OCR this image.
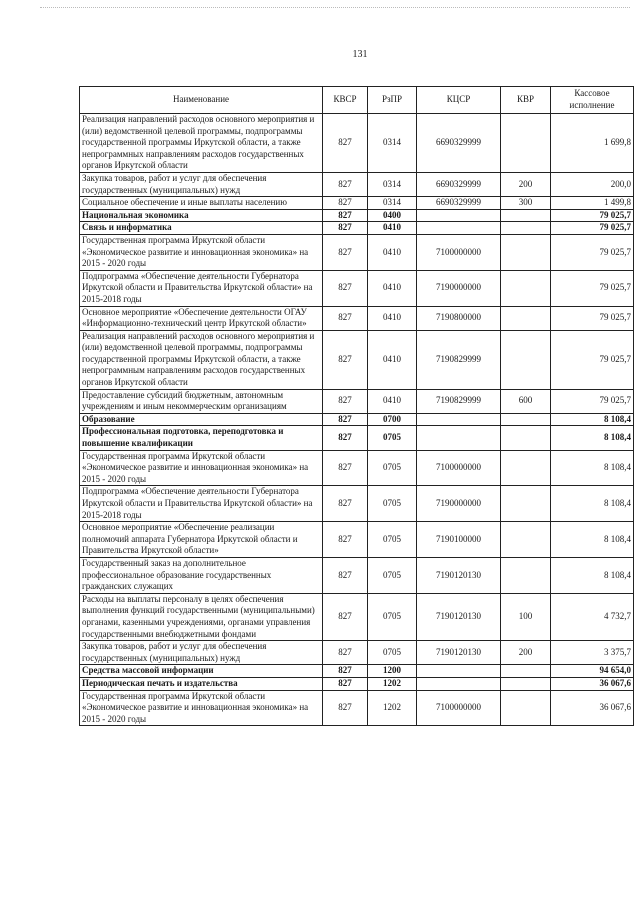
131
Наименование	КВСР	РзПР	КЦСР	КВР	Кассовое исполнение
Реализация направлений расходов основного мероприятия и (или) ведомственной целевой программы, подпрограммы государственной программы Иркутской области, а также непрограммных направлениям расходов государственных органов Иркутской области	827	0314	6690329999		1 699,8
Закупка товаров, работ и услуг для обеспечения государственных (муниципальных) нужд	827	0314	6690329999	200	200,0
Социальное обеспечение и иные выплаты населению	827	0314	6690329999	300	1 499,8
Национальная экономика	827	0400			79 025,7
Связь и информатика	827	0410			79 025,7
Государственная программа Иркутской области «Экономическое развитие и инновационная экономика» на 2015 - 2020 годы	827	0410	7100000000		79 025,7
Подпрограмма «Обеспечение деятельности Губернатора Иркутской области и Правительства Иркутской области» на 2015-2018 годы	827	0410	7190000000		79 025,7
Основное мероприятие «Обеспечение деятельности ОГАУ «Информационно-технический центр Иркутской области»	827	0410	7190800000		79 025,7
Реализация направлений расходов основного мероприятия и (или) ведомственной целевой программы, подпрограммы государственной программы Иркутской области, а также непрограммным направлениям расходов государственных органов Иркутской области	827	0410	7190829999		79 025,7
Предоставление субсидий бюджетным, автономным учреждениям и иным некоммерческим организациям	827	0410	7190829999	600	79 025,7
Образование	827	0700			8 108,4
Профессиональная подготовка, переподготовка и повышение квалификации	827	0705			8 108,4
Государственная программа Иркутской области «Экономическое развитие и инновационная экономика» на 2015 - 2020 годы	827	0705	7100000000		8 108,4
Подпрограмма «Обеспечение деятельности Губернатора Иркутской области и Правительства Иркутской области» на 2015-2018 годы	827	0705	7190000000		8 108,4
Основное мероприятие «Обеспечение реализации полномочий аппарата Губернатора Иркутской области и Правительства Иркутской области»	827	0705	7190100000		8 108,4
Государственный заказ на дополнительное профессиональное образование государственных гражданских служащих	827	0705	7190120130		8 108,4
Расходы на выплаты персоналу в целях обеспечения выполнения функций государственными (муниципальными) органами, казенными учреждениями, органами управления государственными внебюджетными фондами	827	0705	7190120130	100	4 732,7
Закупка товаров, работ и услуг для обеспечения государственных (муниципальных) нужд	827	0705	7190120130	200	3 375,7
Средства массовой информации	827	1200			94 654,0
Периодическая печать и издательства	827	1202			36 067,6
Государственная программа Иркутской области «Экономическое развитие и инновационная экономика» на 2015 - 2020 годы	827	1202	7100000000		36 067,6
